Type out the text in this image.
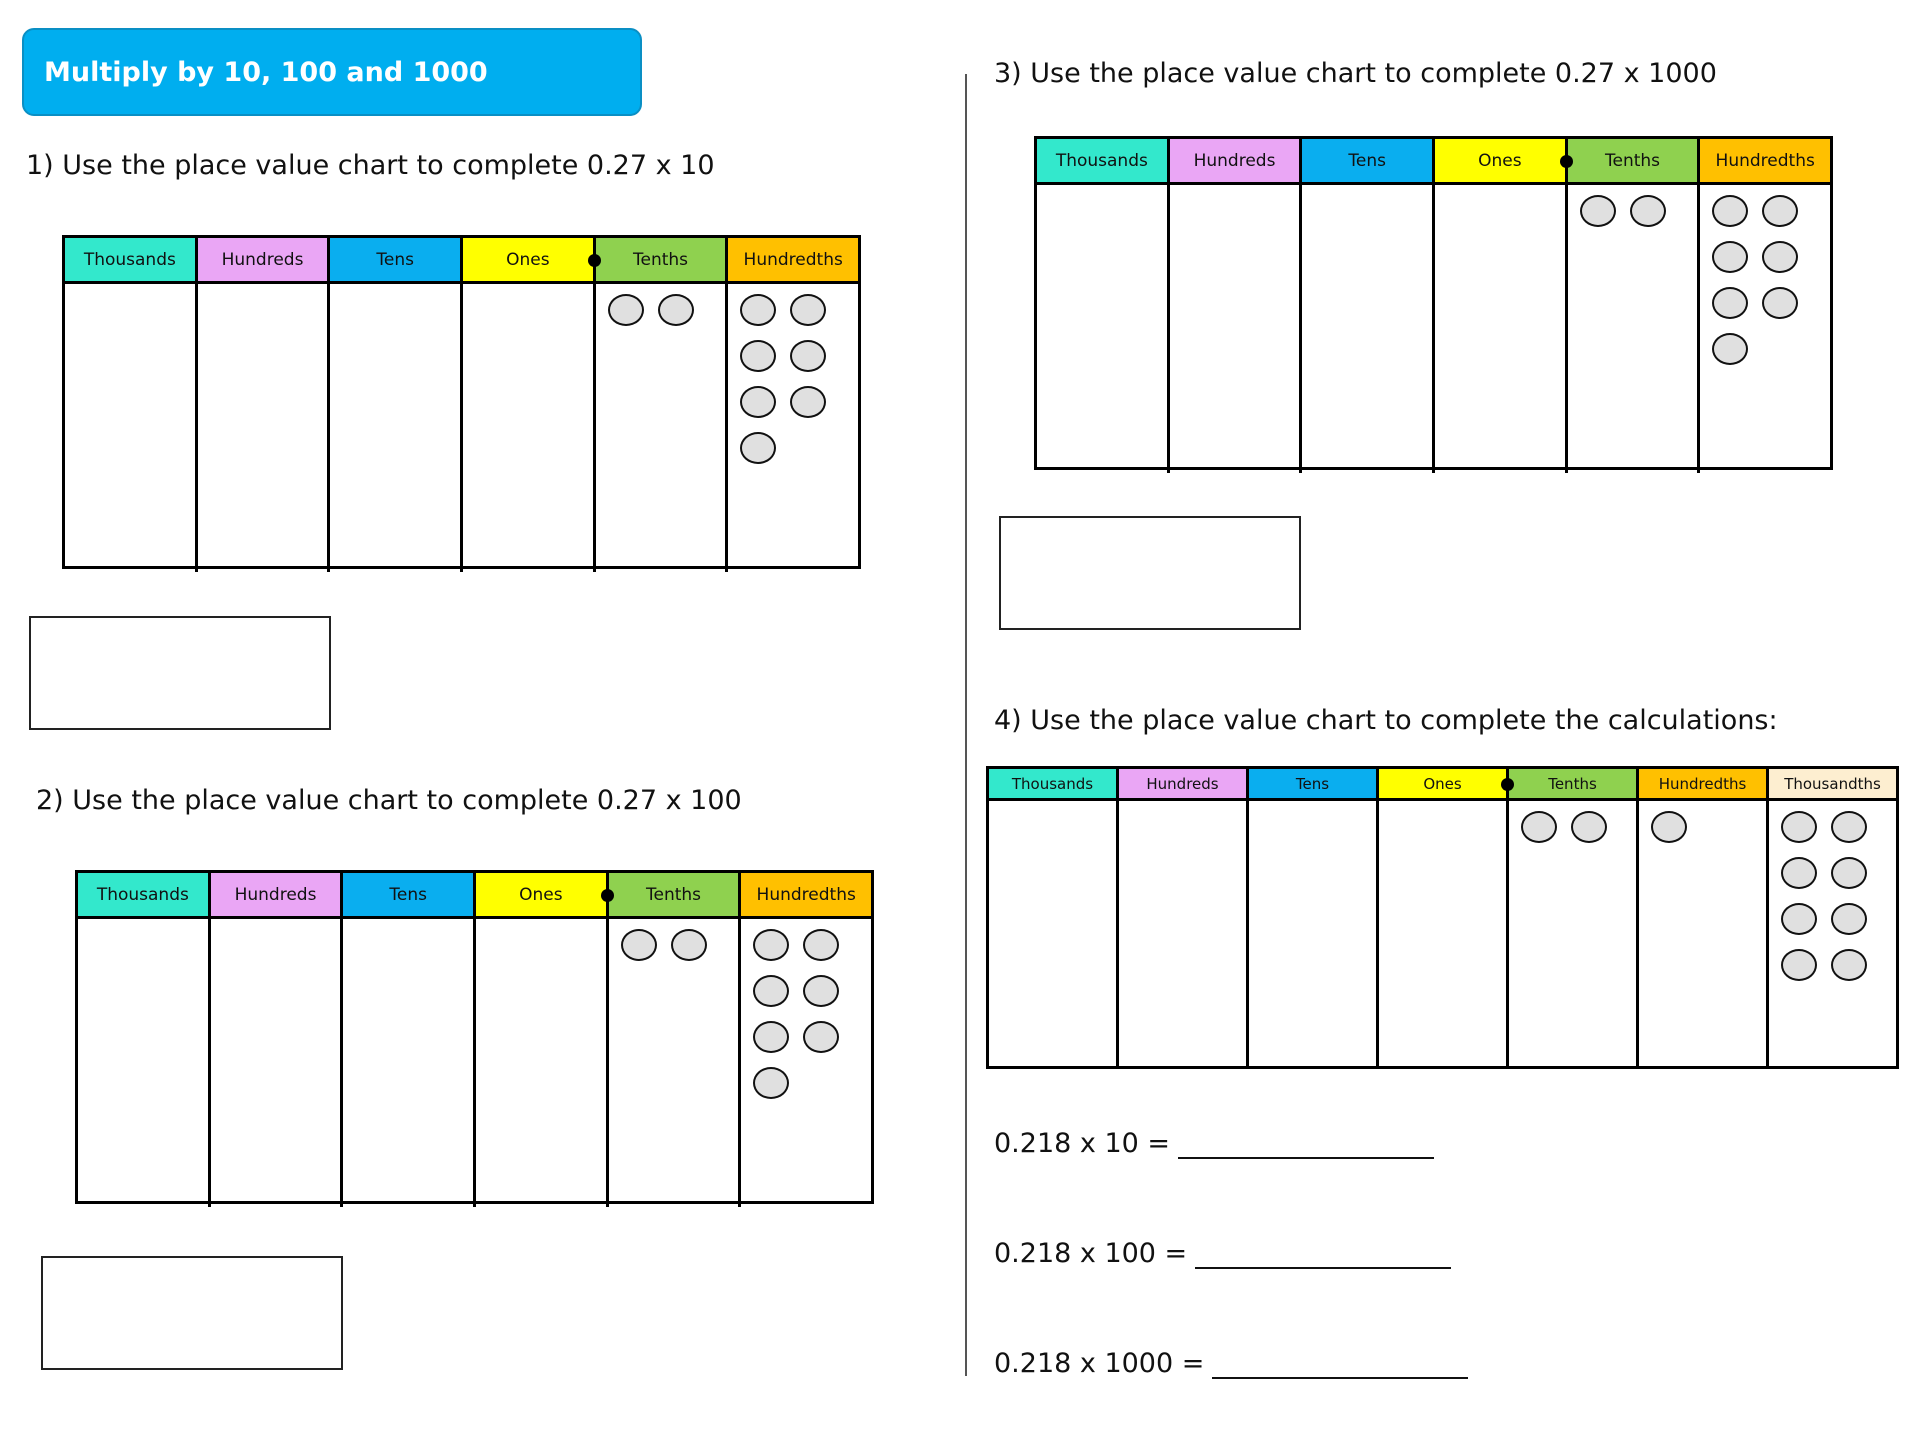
Multiply by 10, 100 and 1000
1) Use the place value chart to complete 0.27 x 10
Thousands	Hundreds	Tens	Ones	Tenths	Hundredths
2) Use the place value chart to complete 0.27 x 100
Thousands	Hundreds	Tens	Ones	Tenths	Hundredths
3) Use the place value chart to complete 0.27 x 1000
Thousands	Hundreds	Tens	Ones	Tenths	Hundredths
4) Use the place value chart to complete the calculations:
Thousands	Hundreds	Tens	Ones	Tenths	Hundredths	Thousandths
0.218 x 10 =
0.218 x 100 =
0.218 x 1000 =
